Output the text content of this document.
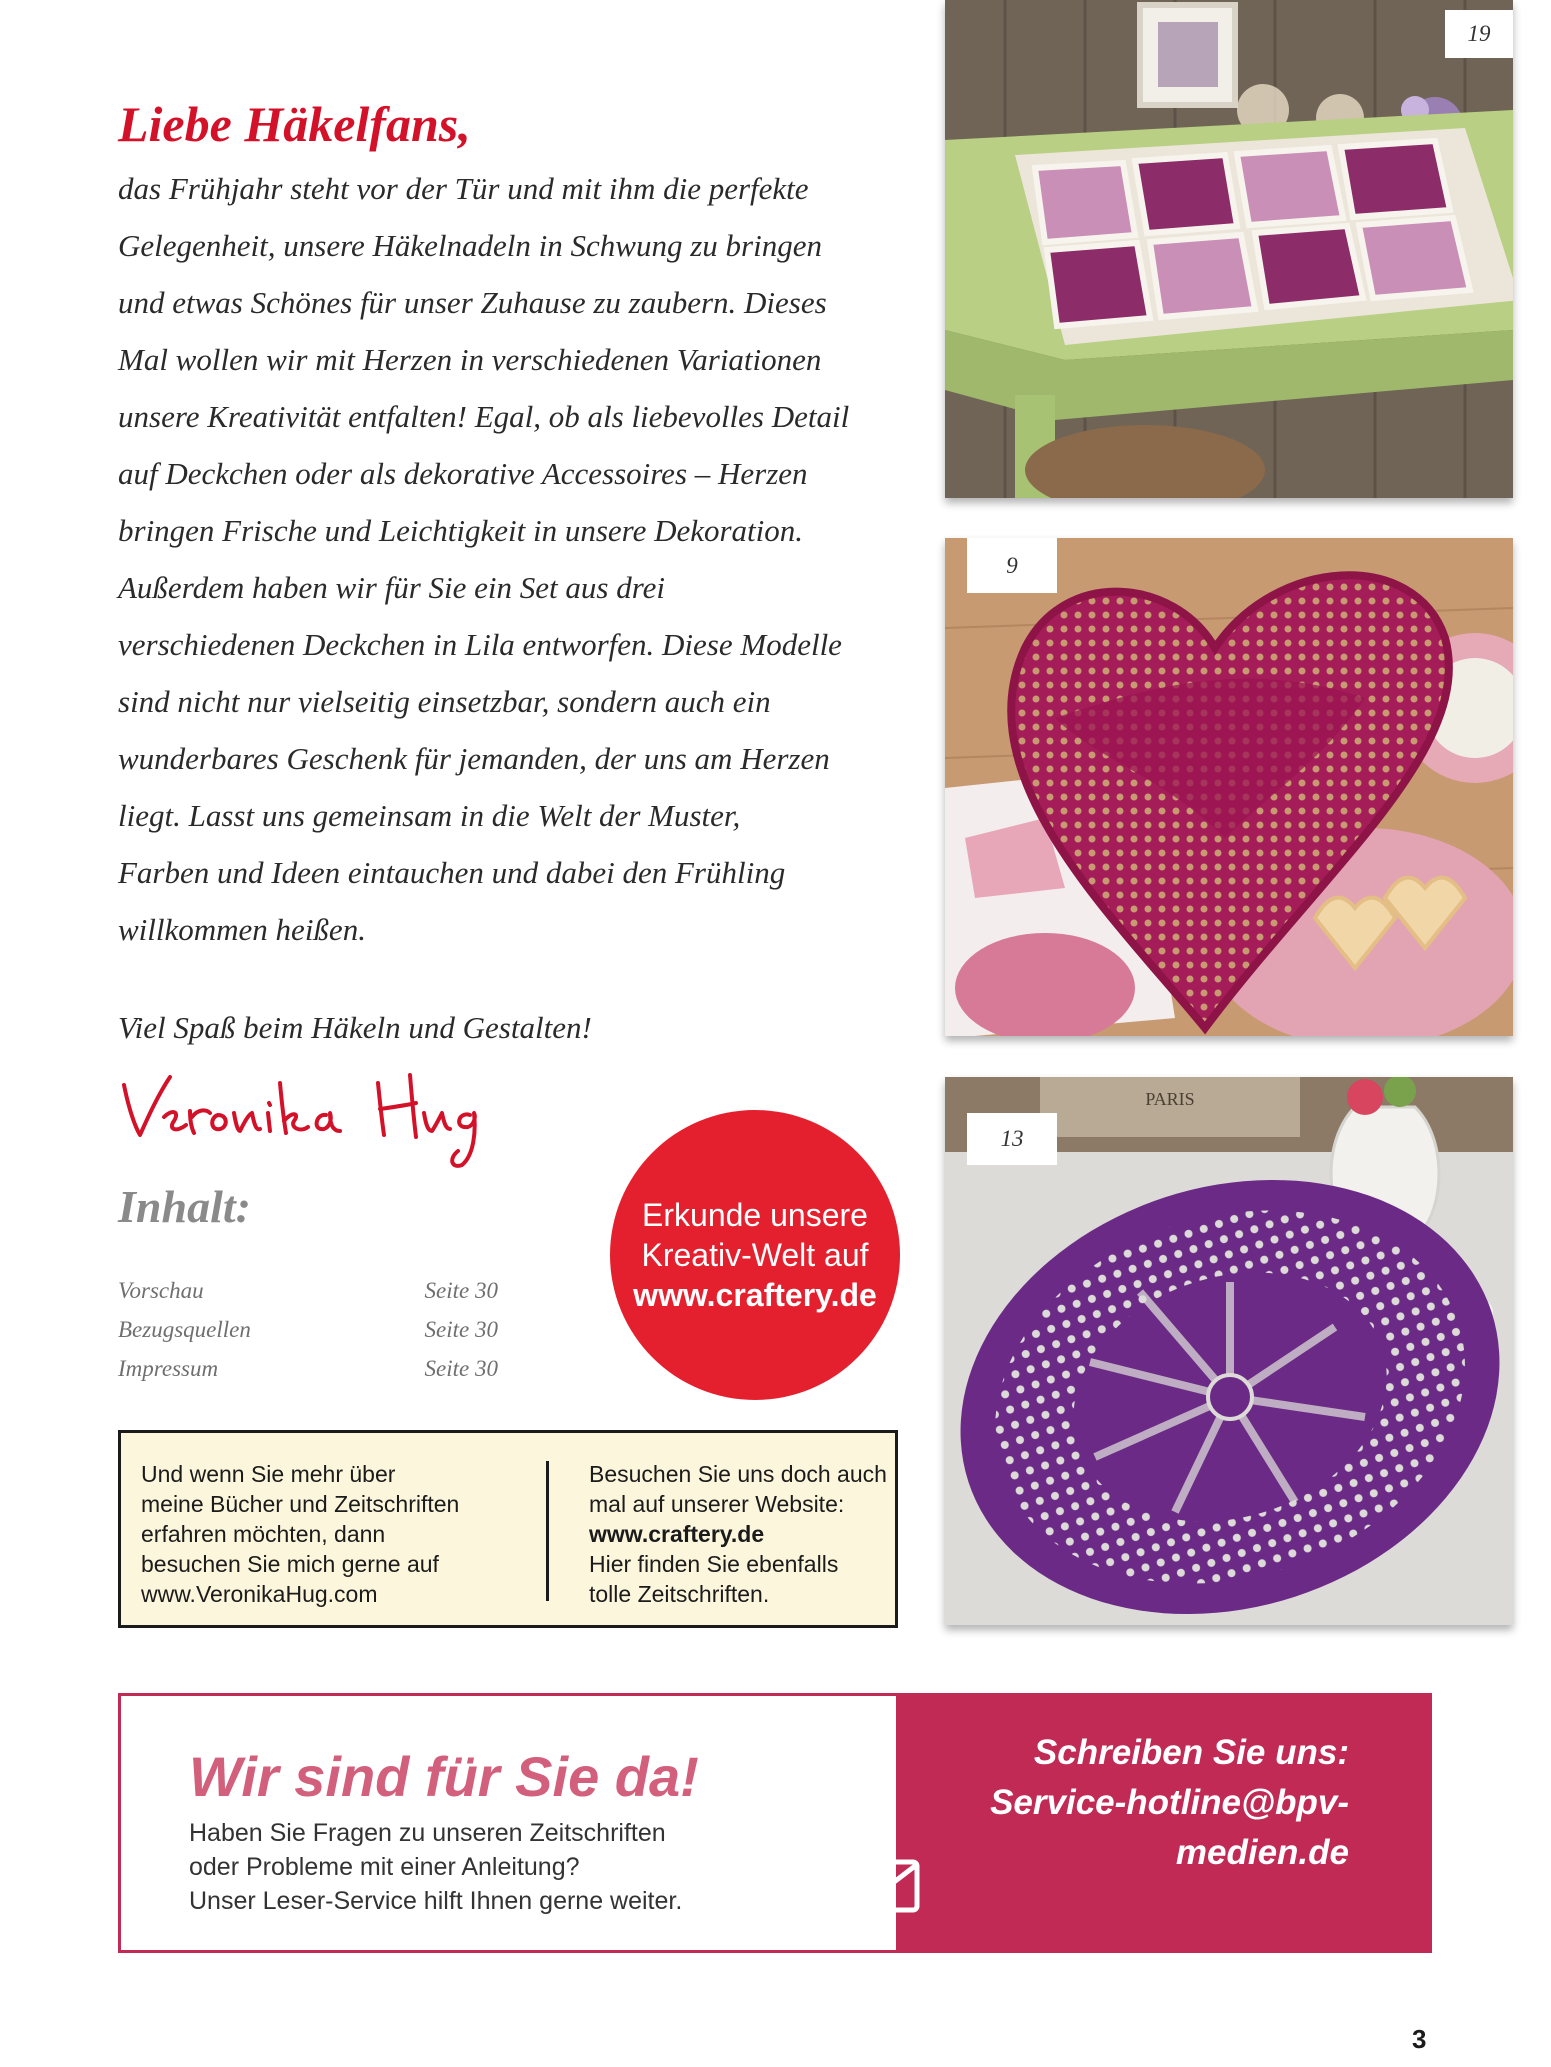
Liebe Häkelfans,
das Frühjahr steht vor der Tür und mit ihm die perfekte
Gelegenheit, unsere Häkelnadeln in Schwung zu bringen
und etwas Schönes für unser Zuhause zu zaubern. Dieses
Mal wollen wir mit Herzen in verschiedenen Variationen
unsere Kreativität entfalten! Egal, ob als liebevolles Detail
auf Deckchen oder als dekorative Accessoires – Herzen
bringen Frische und Leichtigkeit in unsere Dekoration.
Außerdem haben wir für Sie ein Set aus drei
verschiedenen Deckchen in Lila entworfen. Diese Modelle
sind nicht nur vielseitig einsetzbar, sondern auch ein
wunderbares Geschenk für jemanden, der uns am Herzen
liegt. Lasst uns gemeinsam in die Welt der Muster,
Farben und Ideen eintauchen und dabei den Frühling
willkommen heißen.
Viel Spaß beim Häkeln und Gestalten!
Inhalt:
Vorschau	Seite 30
Bezugsquellen	Seite 30
Impressum	Seite 30
Erkunde unsere
Kreativ-Welt auf
www.craftery.de
Und wenn Sie mehr über
meine Bücher und Zeitschriften
erfahren möchten, dann
besuchen Sie mich gerne auf
www.VeronikaHug.com
Besuchen Sie uns doch auch
mal auf unserer Website:
www.craftery.de
Hier finden Sie ebenfalls
tolle Zeitschriften.
19
9
PARIS
13
Wir sind für Sie da!
Haben Sie Fragen zu unseren Zeitschriften
oder Probleme mit einer Anleitung?
Unser Leser-Service hilft Ihnen gerne weiter.
Schreiben Sie uns:
Service-hotline@bpv-
medien.de
3
